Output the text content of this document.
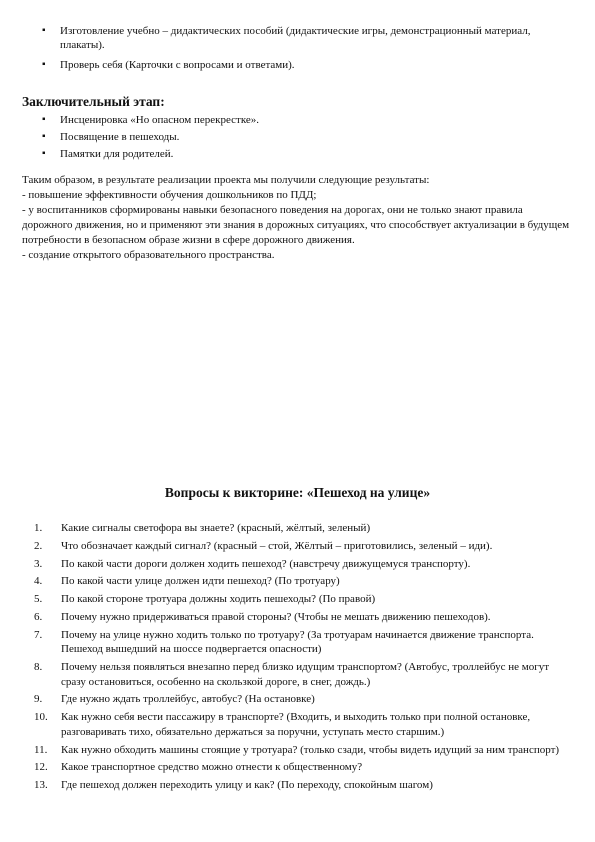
▪ Изготовление учебно – дидактических пособий (дидактические игры, демонстрационный материал, плакаты).
▪ Проверь себя (Карточки с вопросами и ответами).
Заключительный этап:
▪ Инсценировка «Но опасном перекрестке».
▪ Посвящение в пешеходы.
▪ Памятки для родителей.

Таким образом, в результате реализации проекта мы получили следующие результаты:

- повышение эффективности обучения дошкольников по ПДД;

- у воспитанников сформированы навыки безопасного поведения на дорогах, они не только знают правила дорожного движения, но и применяют эти знания в дорожных ситуациях, что способствует актуализации в будущем потребности в безопасном образе жизни в сфере дорожного движения.

- создание открытого образовательного пространства.

Вопросы к викторине: «Пешеход на улице»
1.	Какие сигналы светофора вы знаете? (красный, жёлтый, зеленый)
2.	Что обозначает каждый сигнал? (красный – стой, Жёлтый – приготовились, зеленый – иди).
3.	По какой части дороги должен ходить пешеход? (навстречу движущемуся транспорту).
4.	По какой части улице должен идти пешеход? (По тротуару)
5.	По какой стороне тротуара должны ходить пешеходы? (По правой)
6.	Почему нужно придерживаться правой стороны? (Чтобы не мешать движению пешеходов).
7.	Почему на улице нужно ходить только по тротуару? (За тротуарам начинается движение транспорта. Пешеход вышедший на шоссе подвергается опасности)
8.	Почему нельзя появляться внезапно перед близко идущим транспортом? (Автобус, троллейбус не могут сразу остановиться, особенно на скользкой дороге, в снег, дождь.)
9.	Где нужно ждать троллейбус, автобус? (На остановке)
10.	Как нужно себя вести пассажиру в транспорте? (Входить, и выходить только при полной остановке, разговаривать тихо, обязательно держаться за поручни, уступать место старшим.)
11.	Как нужно обходить машины стоящие у тротуара? (только сзади, чтобы видеть идущий за ним транспорт)
12.	Какое транспортное средство можно отнести к общественному?
13.	Где пешеход должен переходить улицу и как? (По переходу, спокойным шагом)
